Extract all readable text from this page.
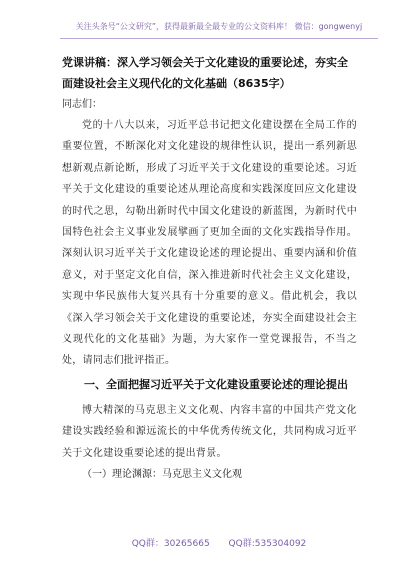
关注头条号“公文研究”，获得最新最全最专业的公文资料库！ 微信：gongwenyj

党课讲稿：深入学习领会关于文化建设的重要论述，夯实全面建设社会主义现代化的文化基础（8635字）

同志们：

党的十八大以来，习近平总书记把文化建设摆在全局工作的重要位置，不断深化对文化建设的规律性认识，提出一系列新思想新观点新论断，形成了习近平关于文化建设的重要论述。习近平关于文化建设的重要论述从理论高度和实践深度回应文化建设的时代之思，勾勒出新时代中国文化建设的新蓝图，为新时代中国特色社会主义事业发展擘画了更加全面的文化实践指导作用。深刻认识习近平关于文化建设论述的理论提出、重要内涵和价值意义，对于坚定文化自信，深入推进新时代社会主义文化建设，实现中华民族伟大复兴具有十分重要的意义。借此机会，我以《深入学习领会关于文化建设的重要论述，夯实全面建设社会主义现代化的文化基础》为题，为大家作一堂党课报告，不当之处，请同志们批评指正。

一、全面把握习近平关于文化建设重要论述的理论提出

博大精深的马克思主义文化观、内容丰富的中国共产党文化建设实践经验和源远流长的中华优秀传统文化，共同构成习近平关于文化建设重要论述的提出背景。

（一）理论渊源：马克思主义文化观

QQ群：30265665 QQ群:535304092
